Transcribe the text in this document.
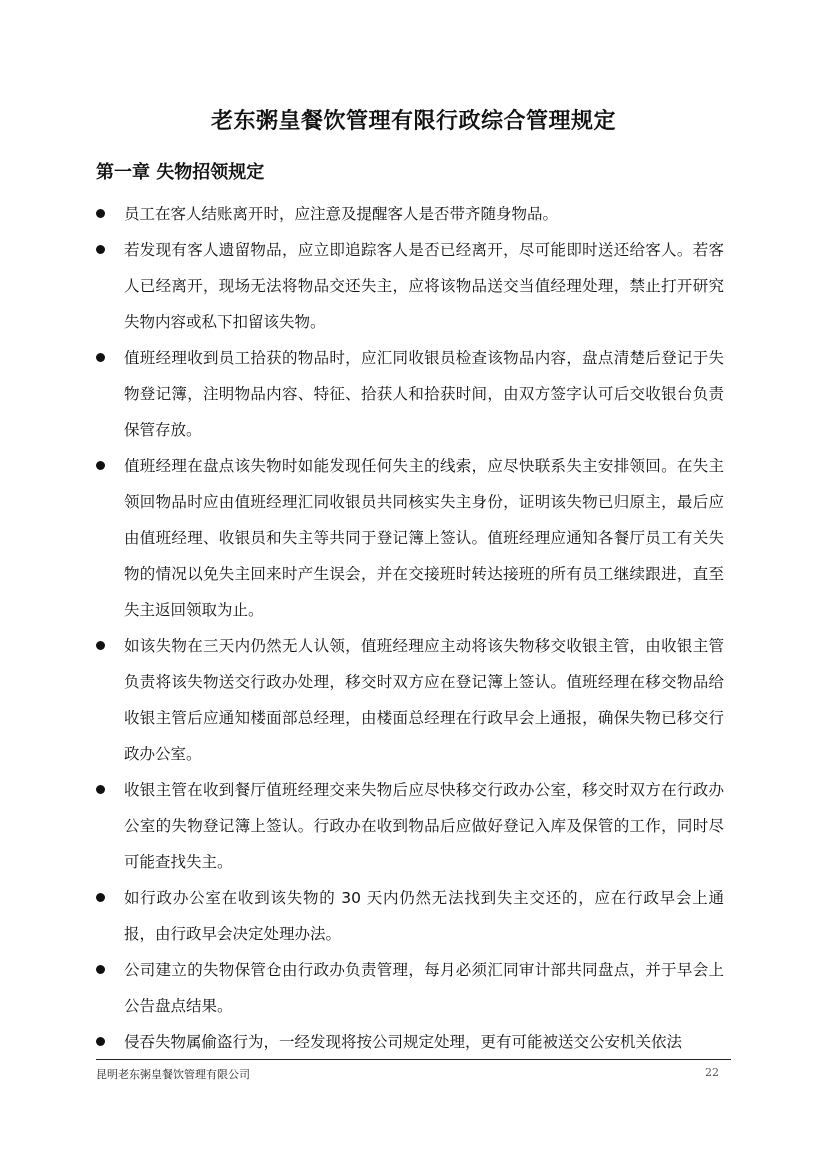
老东粥皇餐饮管理有限行政综合管理规定
第一章 失物招领规定
员工在客人结账离开时，应注意及提醒客人是否带齐随身物品。
若发现有客人遗留物品，应立即追踪客人是否已经离开，尽可能即时送还给客人。若客人已经离开，现场无法将物品交还失主，应将该物品送交当值经理处理，禁止打开研究失物内容或私下扣留该失物。
值班经理收到员工拾获的物品时，应汇同收银员检查该物品内容，盘点清楚后登记于失物登记簿，注明物品内容、特征、拾获人和拾获时间，由双方签字认可后交收银台负责保管存放。
值班经理在盘点该失物时如能发现任何失主的线索，应尽快联系失主安排领回。在失主领回物品时应由值班经理汇同收银员共同核实失主身份，证明该失物已归原主，最后应由值班经理、收银员和失主等共同于登记簿上签认。值班经理应通知各餐厅员工有关失物的情况以免失主回来时产生误会，并在交接班时转达接班的所有员工继续跟进，直至失主返回领取为止。
如该失物在三天内仍然无人认领，值班经理应主动将该失物移交收银主管，由收银主管负责将该失物送交行政办处理，移交时双方应在登记簿上签认。值班经理在移交物品给收银主管后应通知楼面部总经理，由楼面总经理在行政早会上通报，确保失物已移交行政办公室。
收银主管在收到餐厅值班经理交来失物后应尽快移交行政办公室，移交时双方在行政办公室的失物登记簿上签认。行政办在收到物品后应做好登记入库及保管的工作，同时尽可能查找失主。
如行政办公室在收到该失物的 30 天内仍然无法找到失主交还的，应在行政早会上通报，由行政早会决定处理办法。
公司建立的失物保管仓由行政办负责管理，每月必须汇同审计部共同盘点，并于早会上公告盘点结果。
侵吞失物属偷盗行为，一经发现将按公司规定处理，更有可能被送交公安机关依法
昆明老东粥皇餐饮管理有限公司	22
